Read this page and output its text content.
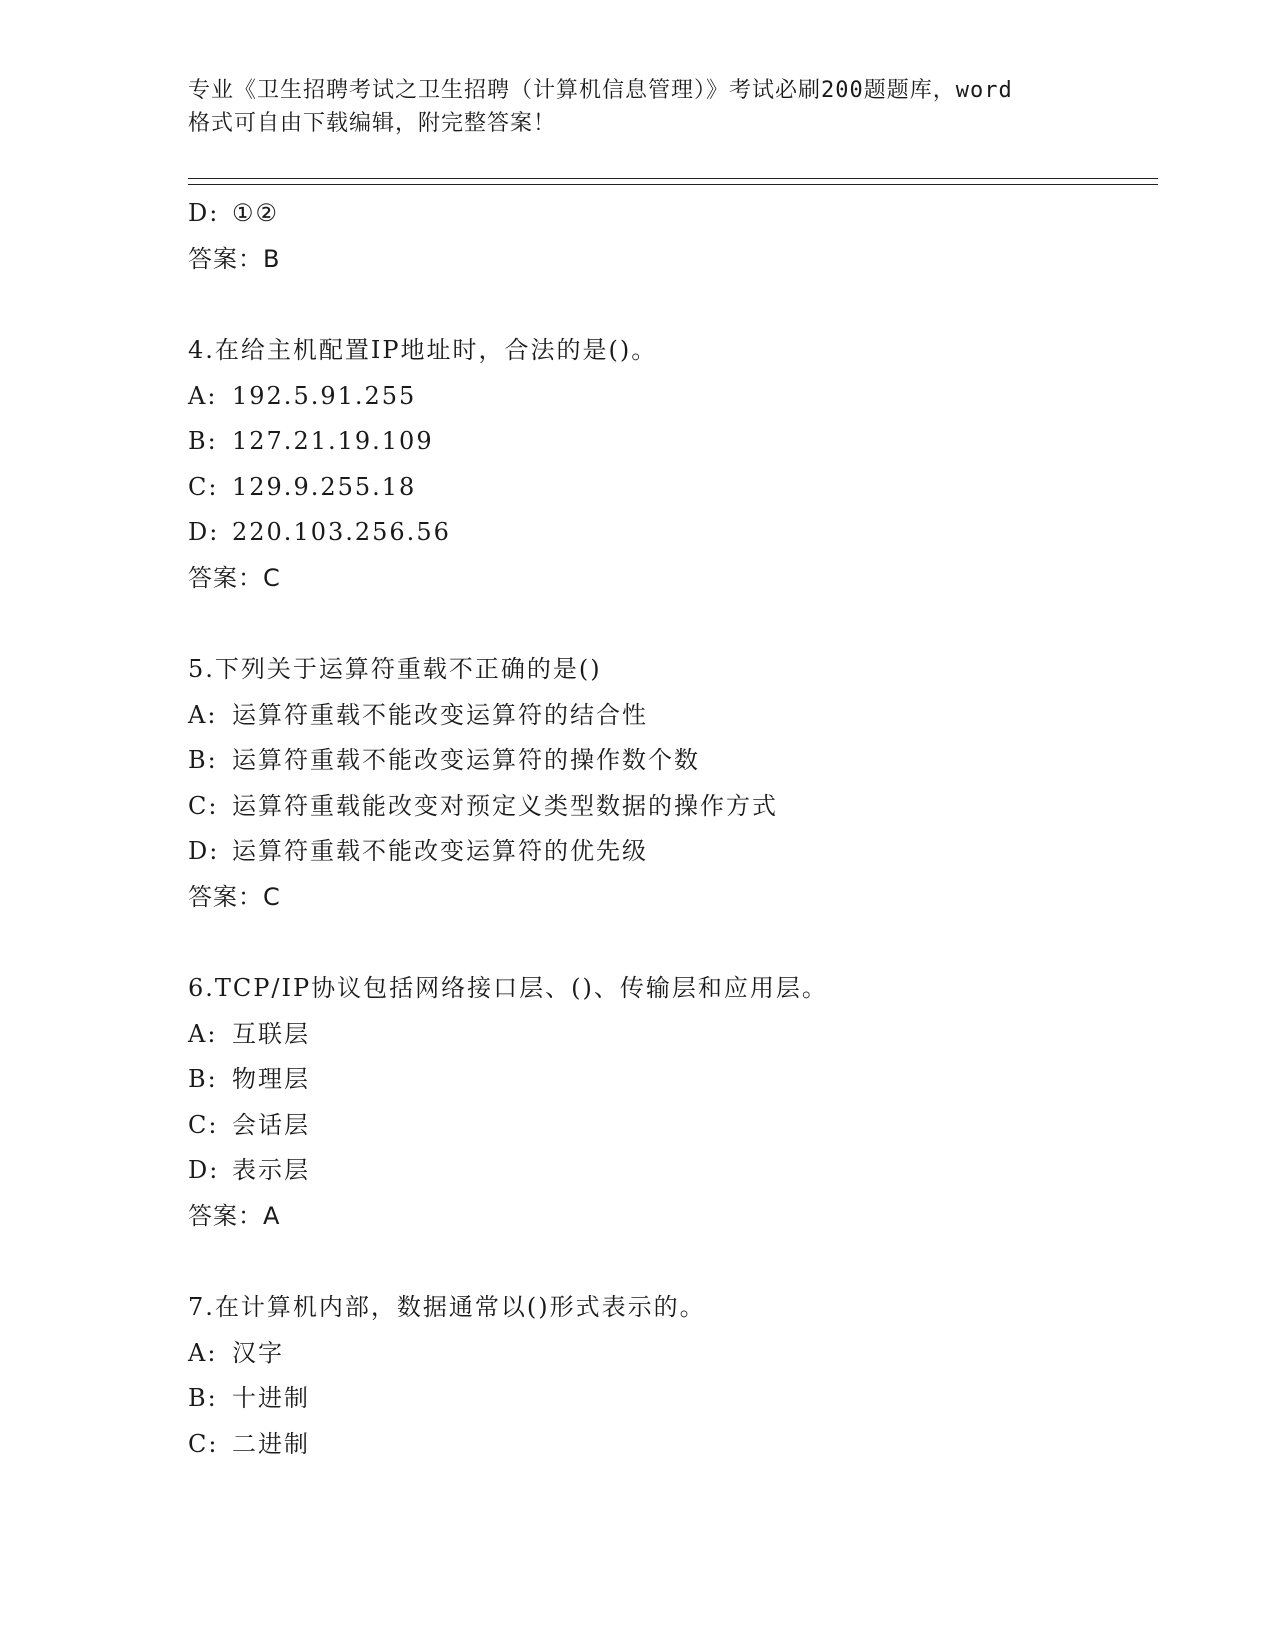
专业《卫生招聘考试之卫生招聘（计算机信息管理）》考试必刷200题题库，word
格式可自由下载编辑，附完整答案！
D: ①②
答案：B
4.在给主机配置IP地址时，合法的是()。
A: 192.5.91.255
B: 127.21.19.109
C: 129.9.255.18
D: 220.103.256.56
答案：C
5.下列关于运算符重载不正确的是()
A: 运算符重载不能改变运算符的结合性
B: 运算符重载不能改变运算符的操作数个数
C: 运算符重载能改变对预定义类型数据的操作方式
D: 运算符重载不能改变运算符的优先级
答案：C
6.TCP/IP协议包括网络接口层、()、传输层和应用层。
A: 互联层
B: 物理层
C: 会话层
D: 表示层
答案：A
7.在计算机内部，数据通常以()形式表示的。
A: 汉字
B: 十进制
C: 二进制
